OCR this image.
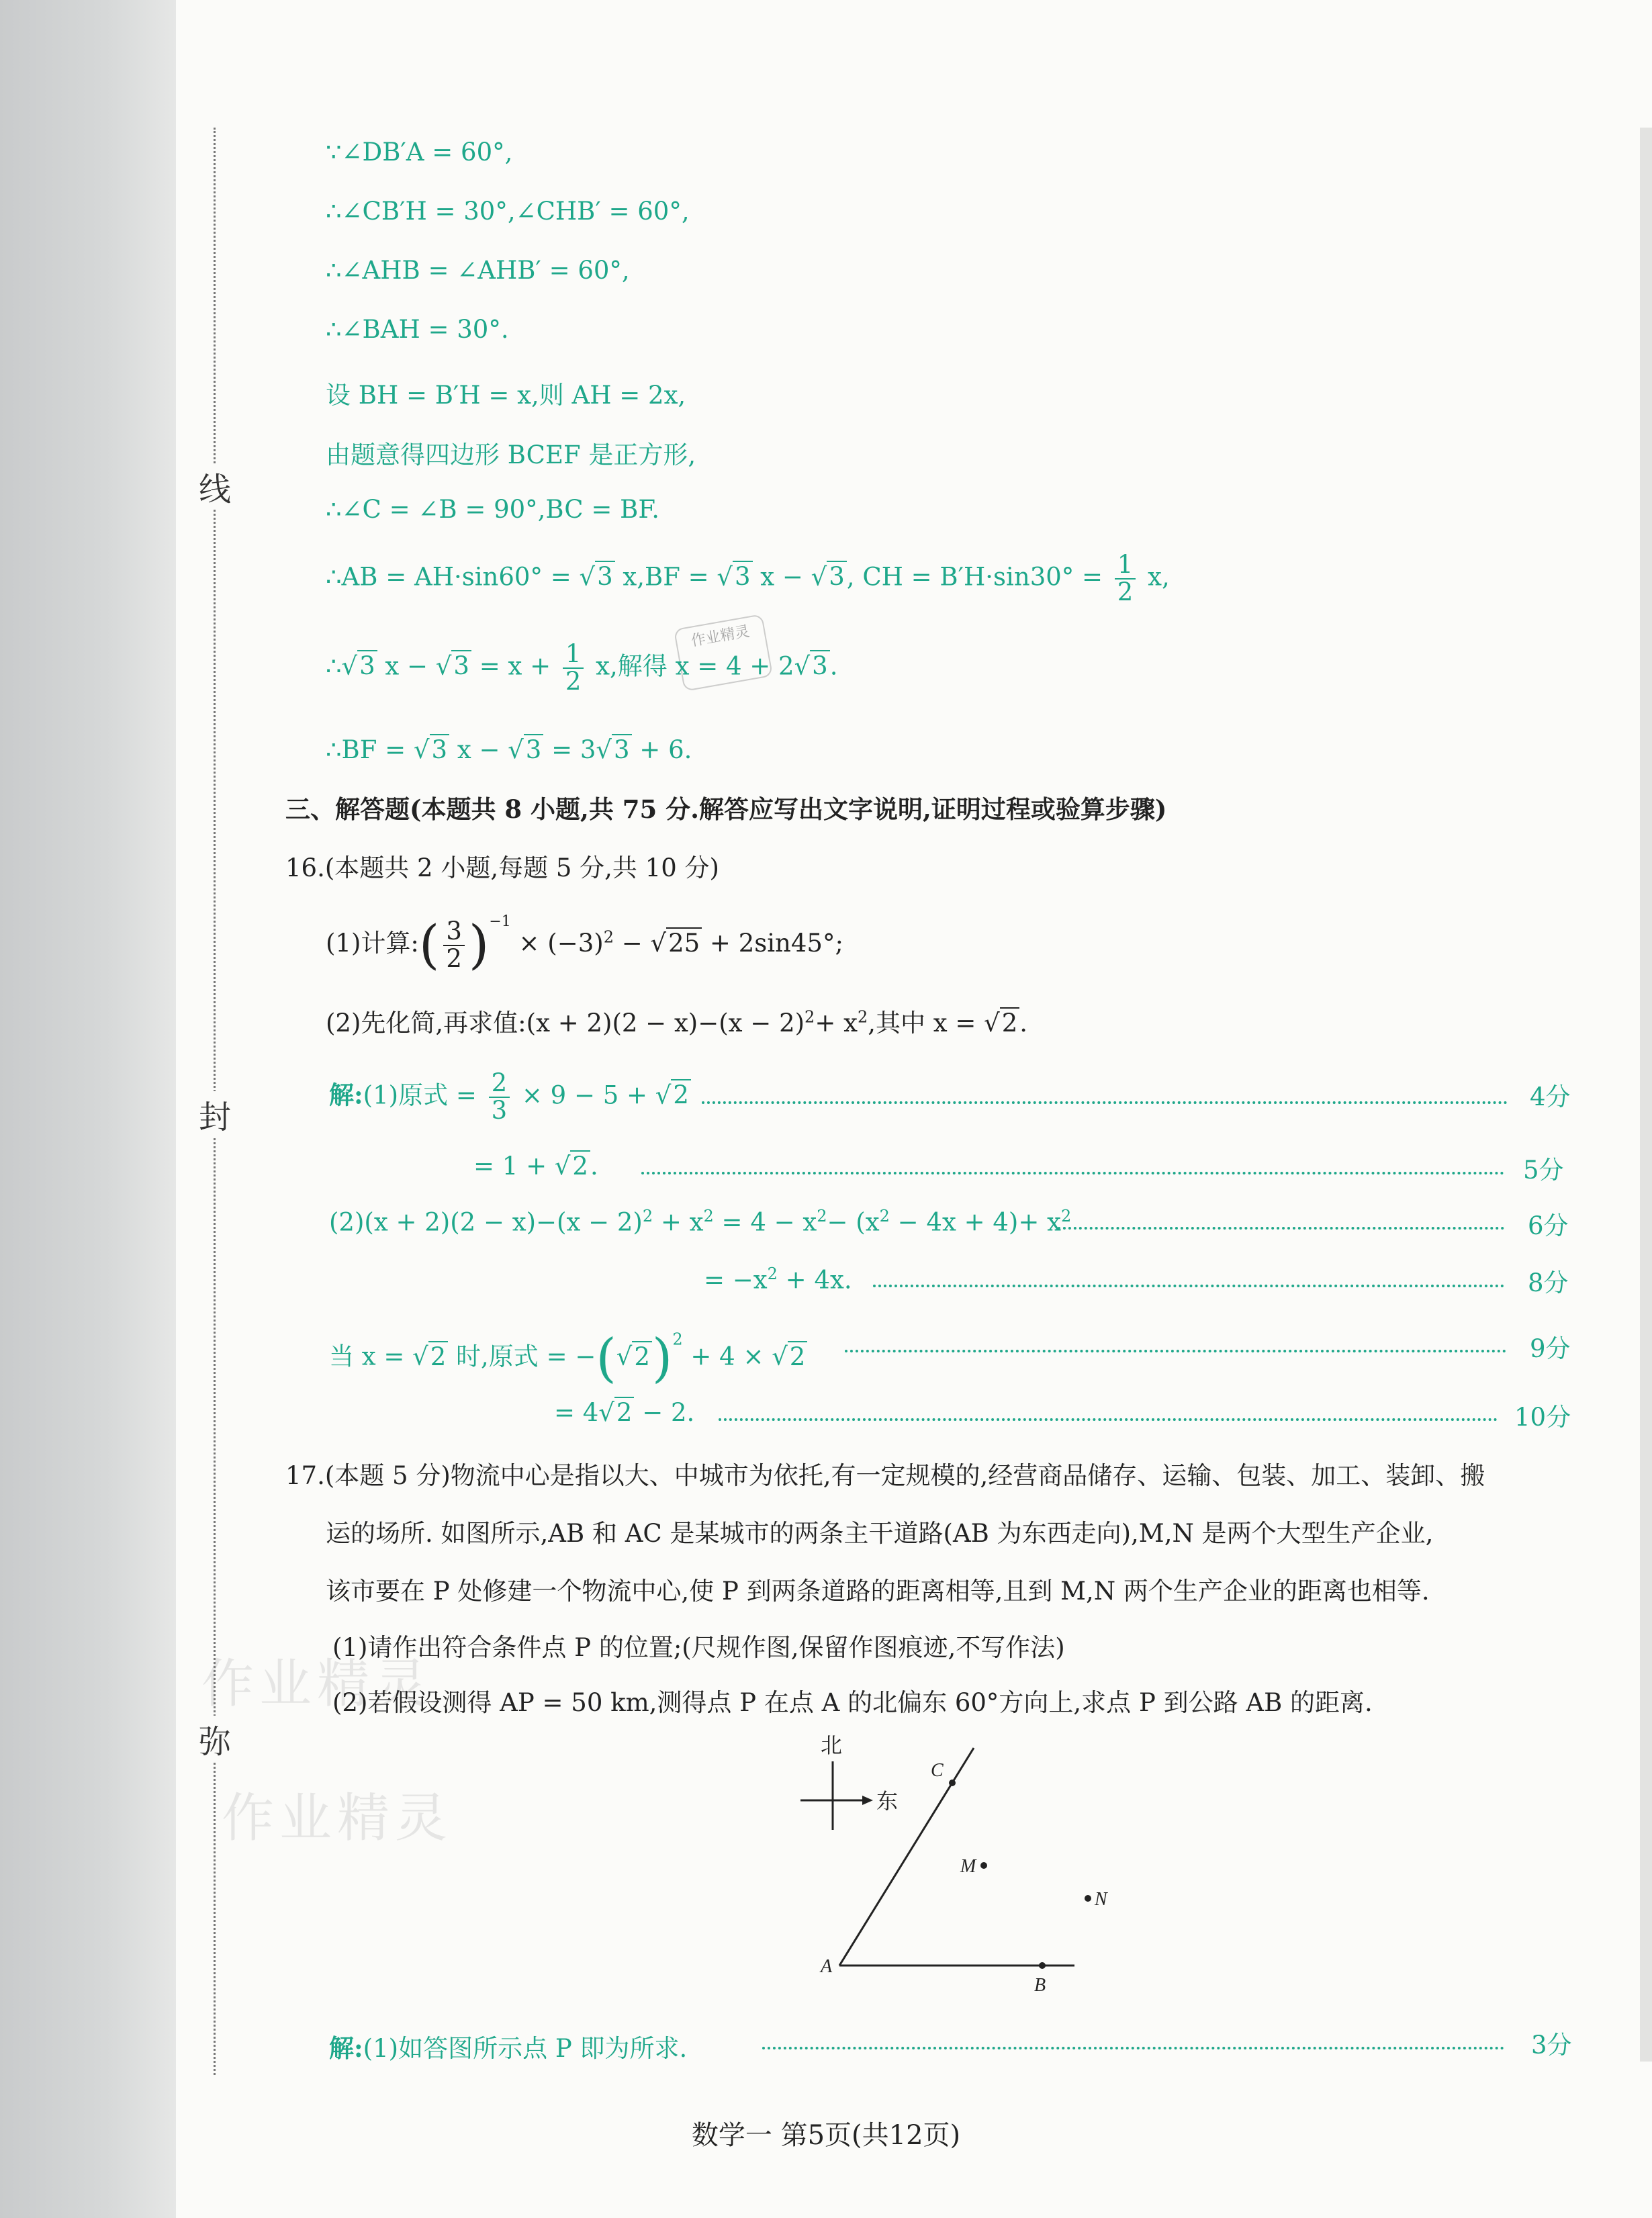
线
封
弥
作业精灵
作业精灵
作业精灵
∵∠DB′A = 60°,
∴∠CB′H = 30°,∠CHB′ = 60°,
∴∠AHB = ∠AHB′ = 60°,
∴∠BAH = 30°.
设 BH = B′H = x,则 AH = 2x,
由题意得四边形 BCEF 是正方形,
∴∠C = ∠B = 90°,BC = BF.
∴AB = AH·sin60° = √3 x,BF = √3 x − √3, CH = $B'H\cdot\sin 30^\circ = \frac{1}{2} x$,
∴√3 $x - √3 = x + \frac{1}{2} x$,解得 x = 4 + 2√3.
∴BF = √3 x − √3 = 3√3 + 6.
三、解答题(本题共 8 小题,共 75 分.解答应写出文字说明,证明过程或验算步骤)
16.(本题共 2 小题,每题 5 分,共 10 分)
(1)计算:( $\frac{3}{2} )^{-1} \times (-3)^2 - √25 + 2\sin 45^\circ$;
(2)先化简,再求值:(x + $2)(2 - x)-(x - 2)^2+ x^2$,其中 x = √2.
解:(1)原式 = $\frac{2}{3} \times 9 - 5 + √2$	4分
= 1 + √2.	5分
$(2)(x + 2)(2 - x)-(x - 2)^2 + x^2 = 4 - x^2- (x^2 - 4x + 4)+ x^2$	6分
= $-x^2 + 4x$.	8分
当 x = √2 时,原式 = $-(√2)^2 + 4 \times √2$	9分
= 4√2 − 2.	10分
17.(本题 5 分)物流中心是指以大、中城市为依托,有一定规模的,经营商品储存、运输、包装、加工、装卸、搬
运的场所. 如图所示,AB 和 AC 是某城市的两条主干道路(AB 为东西走向),M,N 是两个大型生产企业,
该市要在 P 处修建一个物流中心,使 P 到两条道路的距离相等,且到 M,N 两个生产企业的距离也相等.
(1)请作出符合条件点 P 的位置;(尺规作图,保留作图痕迹,不写作法)
(2)若假设测得 AP = 50 km,测得点 P 在点 A 的北偏东 60°方向上,求点 P 到公路 AB 的距离.
北
东
C
M
N
A
B
解:(1)如答图所示点 P 即为所求.	3分
数学一 第5页(共12页)
